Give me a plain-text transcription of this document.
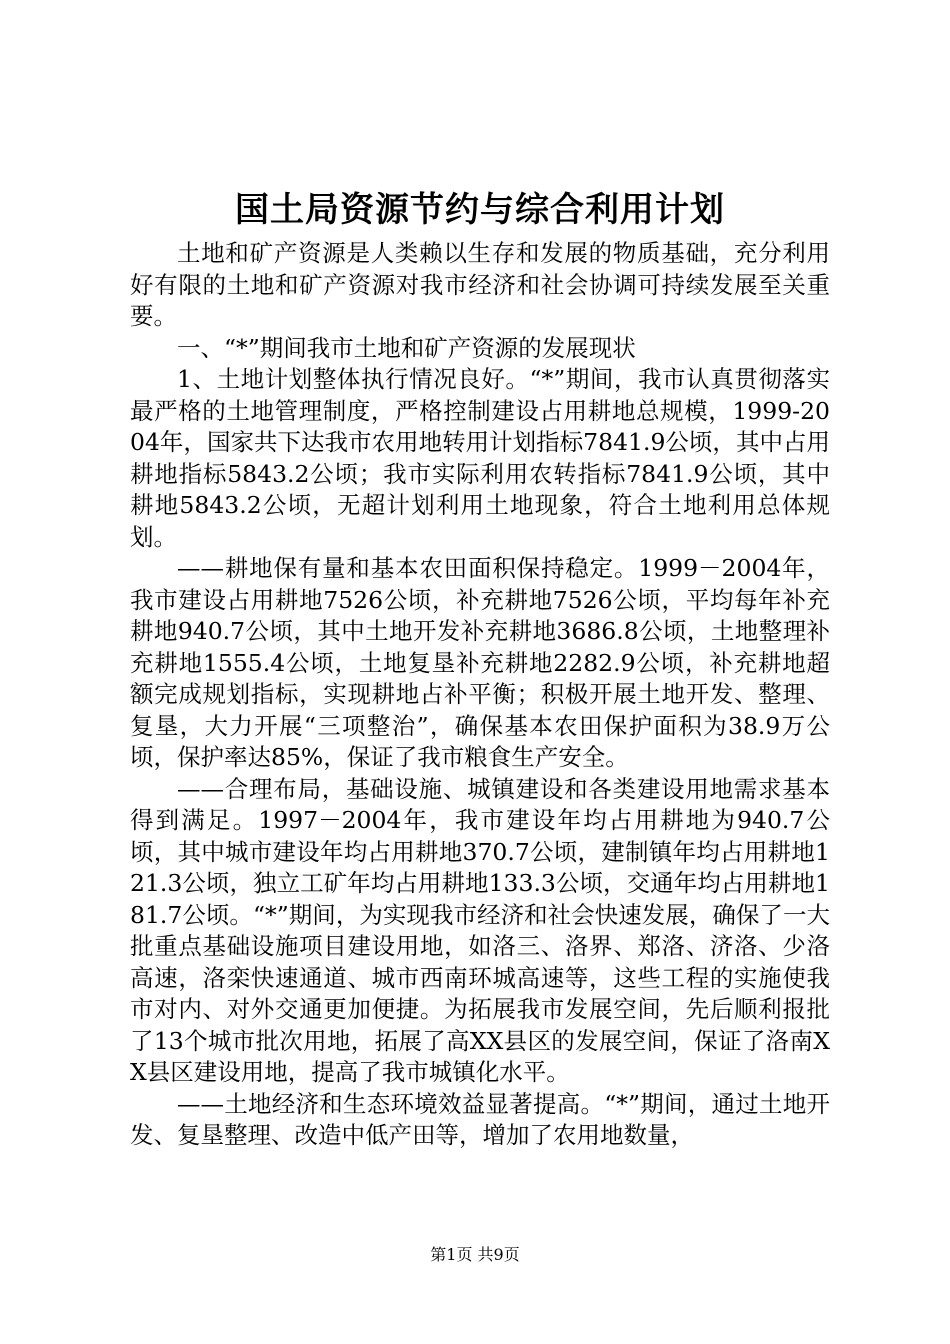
国土局资源节约与综合利用计划

土地和矿产资源是人类赖以生存和发展的物质基础，充分利用好有限的土地和矿产资源对我市经济和社会协调可持续发展至关重要。

一、“*”期间我市土地和矿产资源的发展现状

1、土地计划整体执行情况良好。“*”期间，我市认真贯彻落实最严格的土地管理制度，严格控制建设占用耕地总规模，1999-2004年，国家共下达我市农用地转用计划指标7841.9公顷，其中占用耕地指标5843.2公顷；我市实际利用农转指标7841.9公顷，其中耕地5843.2公顷，无超计划利用土地现象，符合土地利用总体规划。

——耕地保有量和基本农田面积保持稳定。1999－2004年，我市建设占用耕地7526公顷，补充耕地7526公顷，平均每年补充耕地940.7公顷，其中土地开发补充耕地3686.8公顷，土地整理补充耕地1555.4公顷，土地复垦补充耕地2282.9公顷，补充耕地超额完成规划指标，实现耕地占补平衡；积极开展土地开发、整理、复垦，大力开展“三项整治”，确保基本农田保护面积为38.9万公顷，保护率达85%，保证了我市粮食生产安全。

——合理布局，基础设施、城镇建设和各类建设用地需求基本得到满足。1997－2004年，我市建设年均占用耕地为940.7公顷，其中城市建设年均占用耕地370.7公顷，建制镇年均占用耕地121.3公顷，独立工矿年均占用耕地133.3公顷，交通年均占用耕地181.7公顷。“*”期间，为实现我市经济和社会快速发展，确保了一大批重点基础设施项目建设用地，如洛三、洛界、郑洛、济洛、少洛高速，洛栾快速通道、城市西南环城高速等，这些工程的实施使我市对内、对外交通更加便捷。为拓展我市发展空间，先后顺利报批了13个城市批次用地，拓展了高XX县区的发展空间，保证了洛南XX县区建设用地，提高了我市城镇化水平。

——土地经济和生态环境效益显著提高。“*”期间，通过土地开发、复垦整理、改造中低产田等，增加了农用地数量，

第1页 共9页
